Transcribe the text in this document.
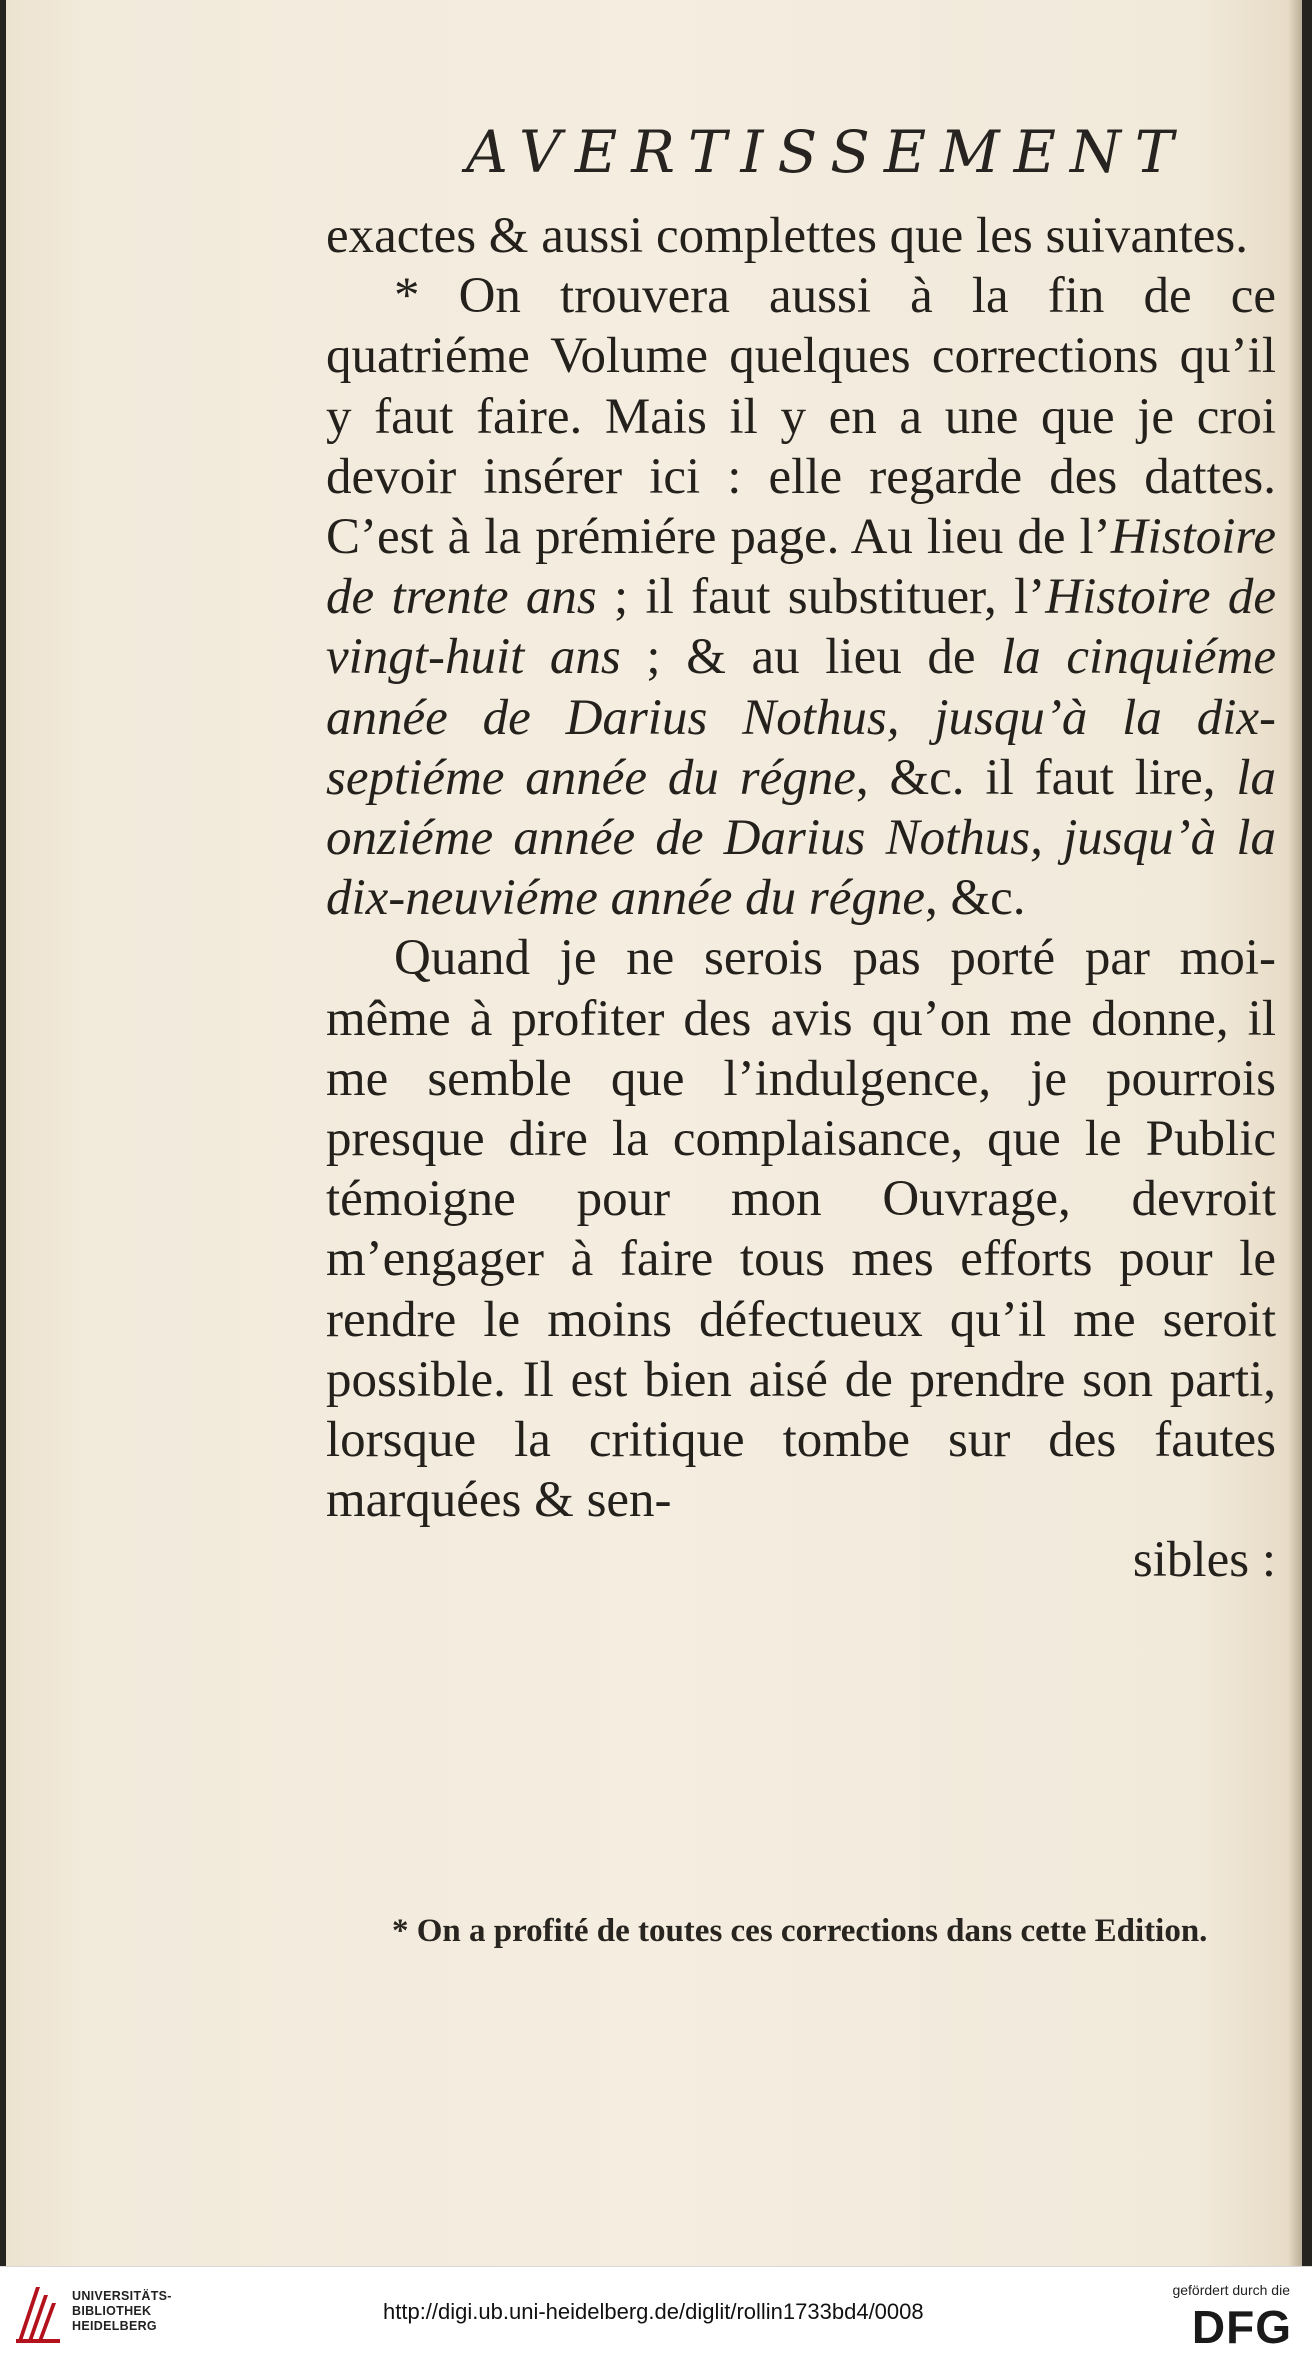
AVERTISSEMENT

exactes & aussi complettes que les suivantes.

* On trouvera aussi à la fin de ce quatriéme Volume quelques corrections qu’il y faut faire. Mais il y en a une que je croi devoir insérer ici : elle regarde des dattes. C’est à la prémiére page. Au lieu de l’Histoire de trente ans ; il faut substituer, l’Histoire de vingt-huit ans ; & au lieu de la cinquiéme année de Darius Nothus, jusqu’à la dix-septiéme année du régne, &c. il faut lire, la onziéme année de Darius Nothus, jusqu’à la dix-neuviéme année du régne, &c.

Quand je ne serois pas porté par moi-même à profiter des avis qu’on me donne, il me semble que l’indulgence, je pourrois presque dire la complaisance, que le Public témoigne pour mon Ouvrage, devroit m’engager à faire tous mes efforts pour le rendre le moins défectueux qu’il me seroit possible. Il est bien aisé de prendre son parti, lorsque la critique tombe sur des fautes marquées & sen-

sibles :
* On a profité de toutes ces corrections dans cette Edition.
UNIVERSITÄTS-
BIBLIOTHEK
HEIDELBERG
http://digi.ub.uni-heidelberg.de/diglit/rollin1733bd4/0008
gefördert durch die
DFG
